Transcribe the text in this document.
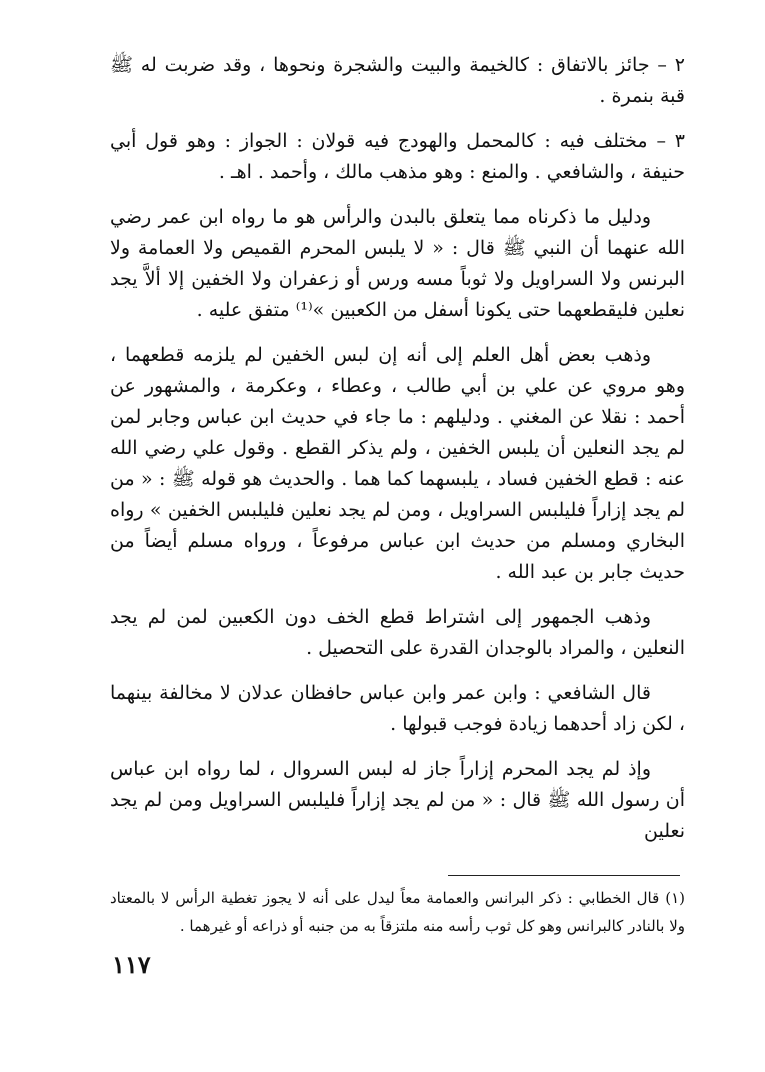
٢ – جائز بالاتفاق : كالخيمة والبيت والشجرة ونحوها ، وقد ضربت له ﷺ قبة بنمرة .

٣ – مختلف فيه : كالمحمل والهودج فيه قولان : الجواز : وهو قول أبي حنيفة ، والشافعي . والمنع : وهو مذهب مالك ، وأحمد . اهـ .

ودليل ما ذكرناه مما يتعلق بالبدن والرأس هو ما رواه ابن عمر رضي الله عنهما أن النبي ﷺ قال : « لا يلبس المحرم القميص ولا العمامة ولا البرنس ولا السراويل ولا ثوباً مسه ورس أو زعفران ولا الخفين إلا ألاَّ يجد نعلين فليقطعهما حتى يكونا أسفل من الكعبين »⁽¹⁾ متفق عليه .

وذهب بعض أهل العلم إلى أنه إن لبس الخفين لم يلزمه قطعهما ، وهو مروي عن علي بن أبي طالب ، وعطاء ، وعكرمة ، والمشهور عن أحمد : نقلا عن المغني . ودليلهم : ما جاء في حديث ابن عباس وجابر لمن لم يجد النعلين أن يلبس الخفين ، ولم يذكر القطع . وقول علي رضي الله عنه : قطع الخفين فساد ، يلبسهما كما هما . والحديث هو قوله ﷺ : « من لم يجد إزاراً فليلبس السراويل ، ومن لم يجد نعلين فليلبس الخفين » رواه البخاري ومسلم من حديث ابن عباس مرفوعاً ، ورواه مسلم أيضاً من حديث جابر بن عبد الله .

وذهب الجمهور إلى اشتراط قطع الخف دون الكعبين لمن لم يجد النعلين ، والمراد بالوجدان القدرة على التحصيل .

قال الشافعي : وابن عمر وابن عباس حافظان عدلان لا مخالفة بينهما ، لكن زاد أحدهما زيادة فوجب قبولها .

وإذ لم يجد المحرم إزاراً جاز له لبس السروال ، لما رواه ابن عباس أن رسول الله ﷺ قال : « من لم يجد إزاراً فليلبس السراويل ومن لم يجد نعلين

(١) قال الخطابي : ذكر البرانس والعمامة معاً ليدل على أنه لا يجوز تغطية الرأس لا بالمعتاد ولا بالنادر كالبرانس وهو كل ثوب رأسه منه ملتزقاً به من جنبه أو ذراعه أو غيرهما .

١١٧
